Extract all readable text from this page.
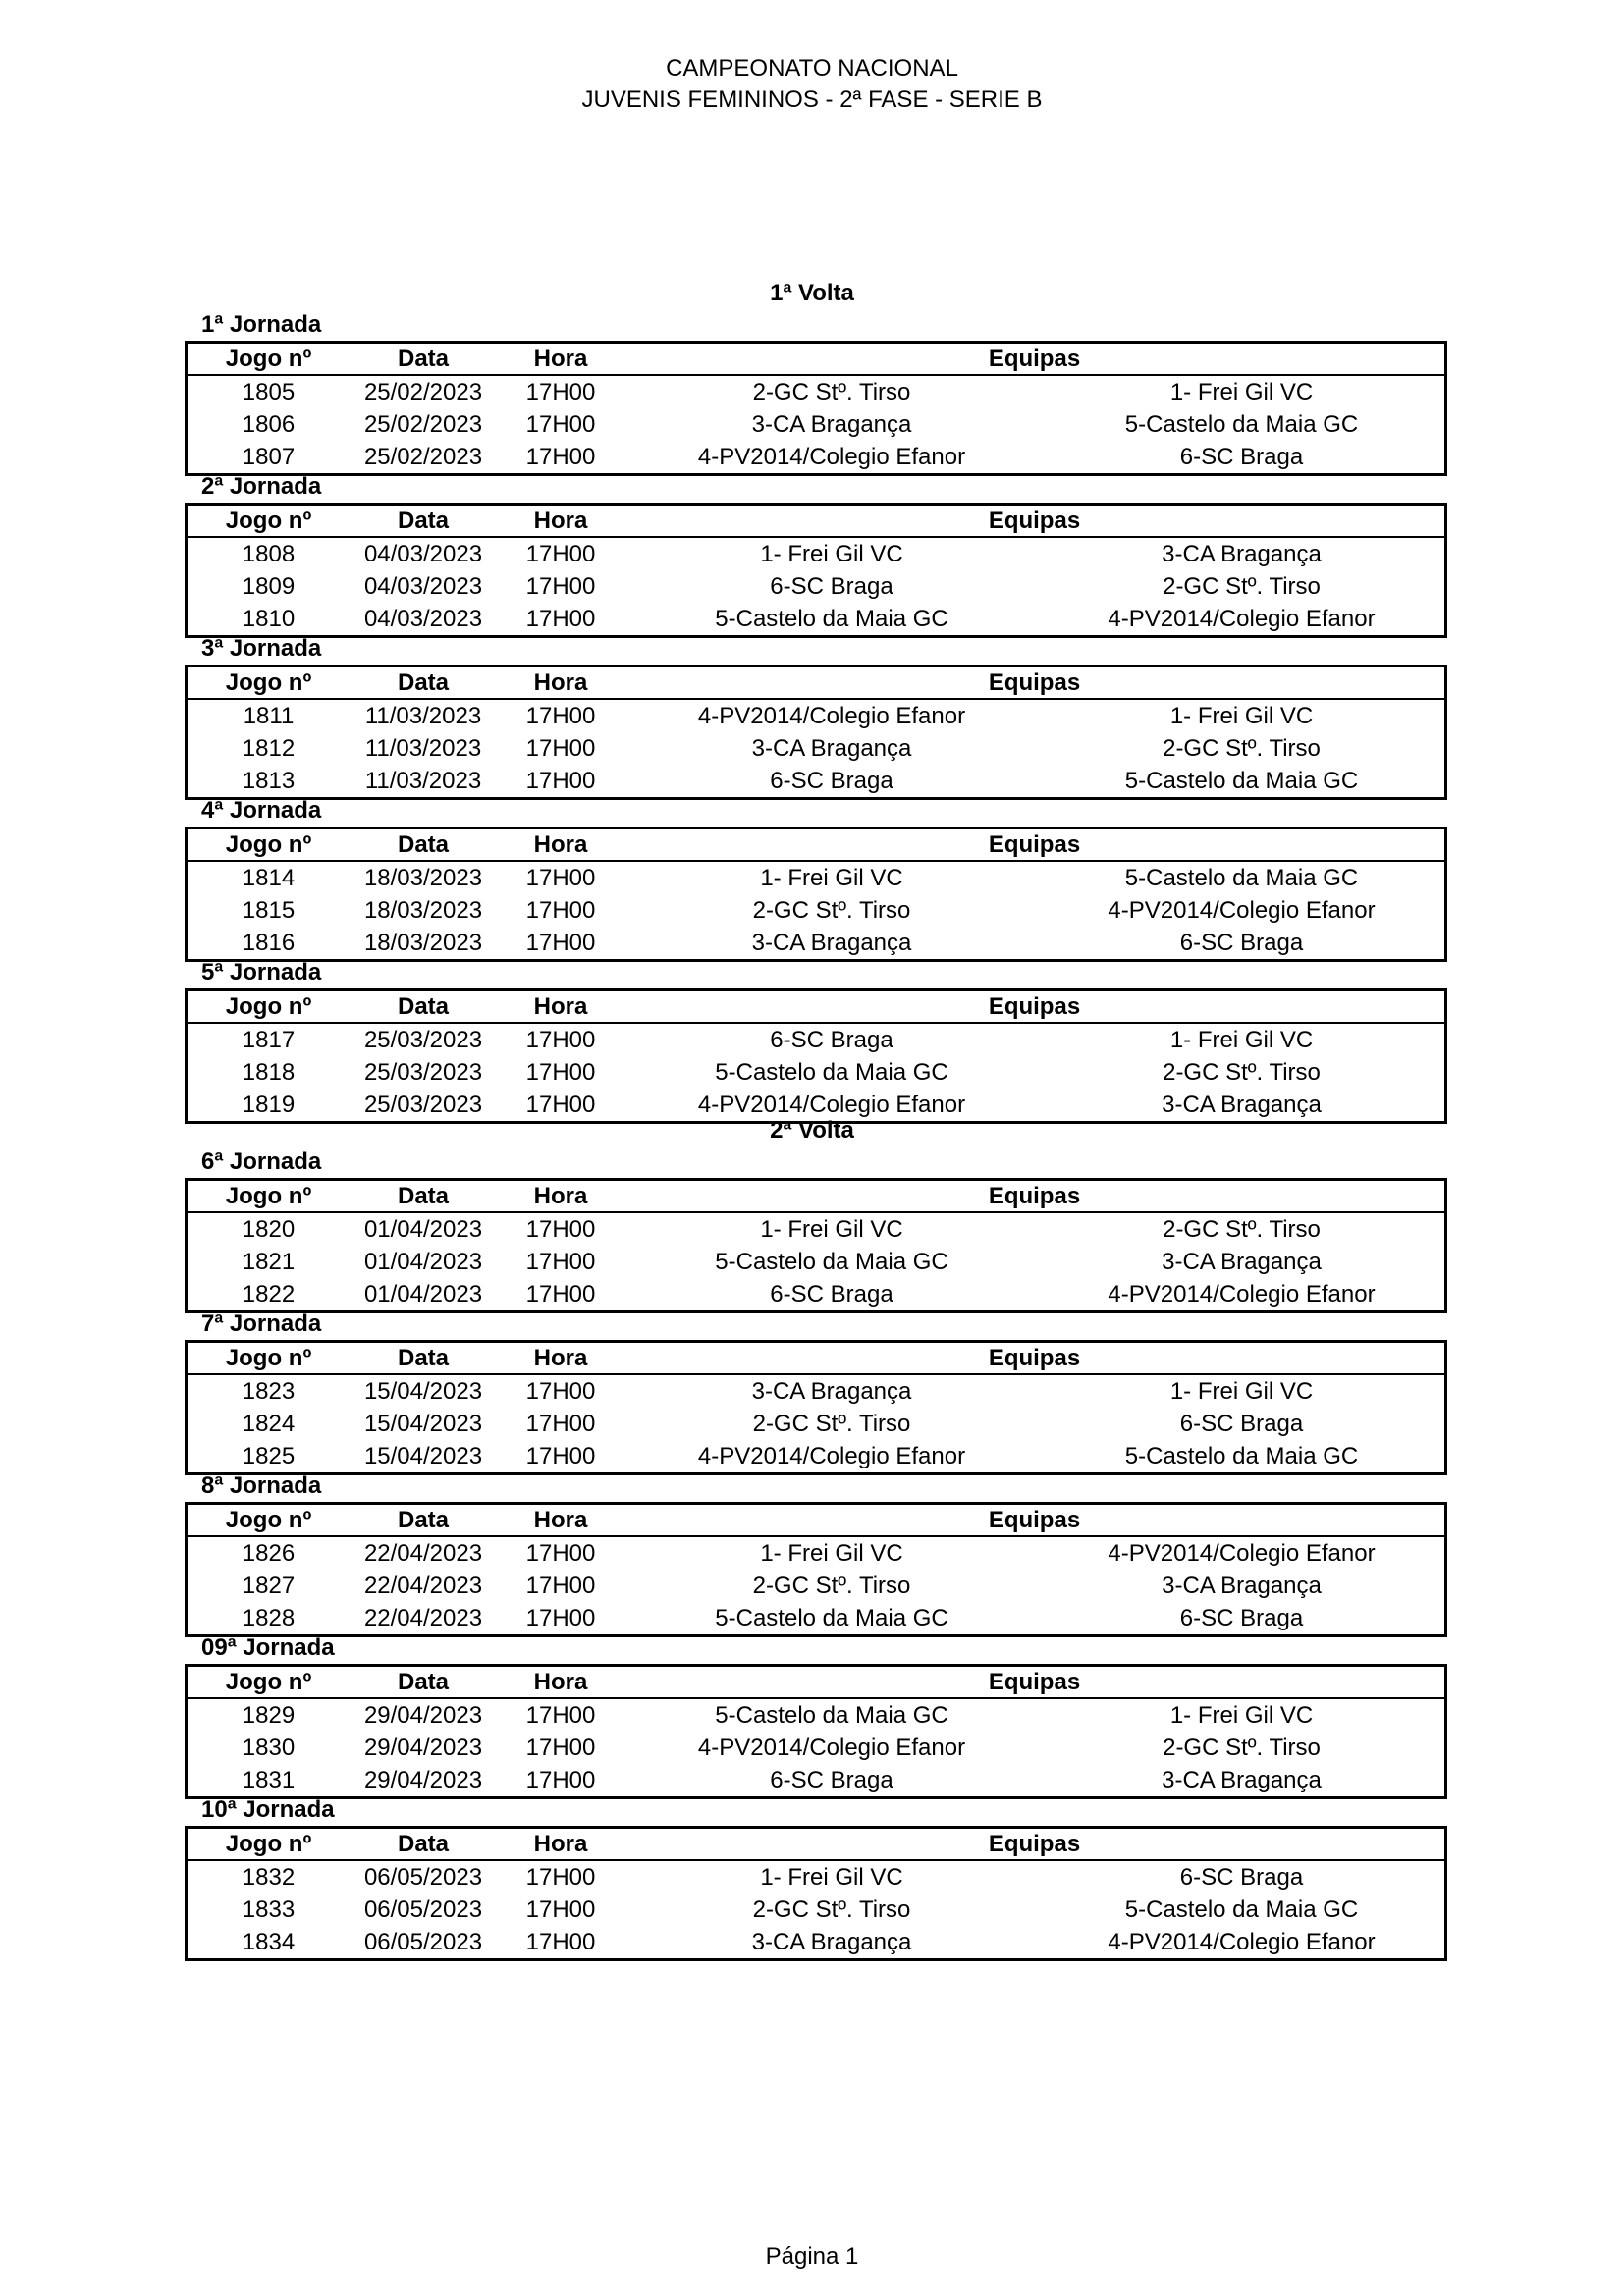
CAMPEONATO NACIONAL
JUVENIS FEMININOS - 2ª FASE - SERIE B
1ª Volta
1ª Jornada
Jogo nº	Data	Hora	Equipas
1805	25/02/2023	17H00	2-GC Stº. Tirso	1- Frei Gil VC
1806	25/02/2023	17H00	3-CA Bragança	5-Castelo da Maia GC
1807	25/02/2023	17H00	4-PV2014/Colegio Efanor	6-SC Braga
2ª Jornada
Jogo nº	Data	Hora	Equipas
1808	04/03/2023	17H00	1- Frei Gil VC	3-CA Bragança
1809	04/03/2023	17H00	6-SC Braga	2-GC Stº. Tirso
1810	04/03/2023	17H00	5-Castelo da Maia GC	4-PV2014/Colegio Efanor
3ª Jornada
Jogo nº	Data	Hora	Equipas
1811	11/03/2023	17H00	4-PV2014/Colegio Efanor	1- Frei Gil VC
1812	11/03/2023	17H00	3-CA Bragança	2-GC Stº. Tirso
1813	11/03/2023	17H00	6-SC Braga	5-Castelo da Maia GC
4ª Jornada
Jogo nº	Data	Hora	Equipas
1814	18/03/2023	17H00	1- Frei Gil VC	5-Castelo da Maia GC
1815	18/03/2023	17H00	2-GC Stº. Tirso	4-PV2014/Colegio Efanor
1816	18/03/2023	17H00	3-CA Bragança	6-SC Braga
5ª Jornada
Jogo nº	Data	Hora	Equipas
1817	25/03/2023	17H00	6-SC Braga	1- Frei Gil VC
1818	25/03/2023	17H00	5-Castelo da Maia GC	2-GC Stº. Tirso
1819	25/03/2023	17H00	4-PV2014/Colegio Efanor	3-CA Bragança
2ª Volta
6ª Jornada
Jogo nº	Data	Hora	Equipas
1820	01/04/2023	17H00	1- Frei Gil VC	2-GC Stº. Tirso
1821	01/04/2023	17H00	5-Castelo da Maia GC	3-CA Bragança
1822	01/04/2023	17H00	6-SC Braga	4-PV2014/Colegio Efanor
7ª Jornada
Jogo nº	Data	Hora	Equipas
1823	15/04/2023	17H00	3-CA Bragança	1- Frei Gil VC
1824	15/04/2023	17H00	2-GC Stº. Tirso	6-SC Braga
1825	15/04/2023	17H00	4-PV2014/Colegio Efanor	5-Castelo da Maia GC
8ª Jornada
Jogo nº	Data	Hora	Equipas
1826	22/04/2023	17H00	1- Frei Gil VC	4-PV2014/Colegio Efanor
1827	22/04/2023	17H00	2-GC Stº. Tirso	3-CA Bragança
1828	22/04/2023	17H00	5-Castelo da Maia GC	6-SC Braga
09ª Jornada
Jogo nº	Data	Hora	Equipas
1829	29/04/2023	17H00	5-Castelo da Maia GC	1- Frei Gil VC
1830	29/04/2023	17H00	4-PV2014/Colegio Efanor	2-GC Stº. Tirso
1831	29/04/2023	17H00	6-SC Braga	3-CA Bragança
10ª Jornada
Jogo nº	Data	Hora	Equipas
1832	06/05/2023	17H00	1- Frei Gil VC	6-SC Braga
1833	06/05/2023	17H00	2-GC Stº. Tirso	5-Castelo da Maia GC
1834	06/05/2023	17H00	3-CA Bragança	4-PV2014/Colegio Efanor
Página 1
